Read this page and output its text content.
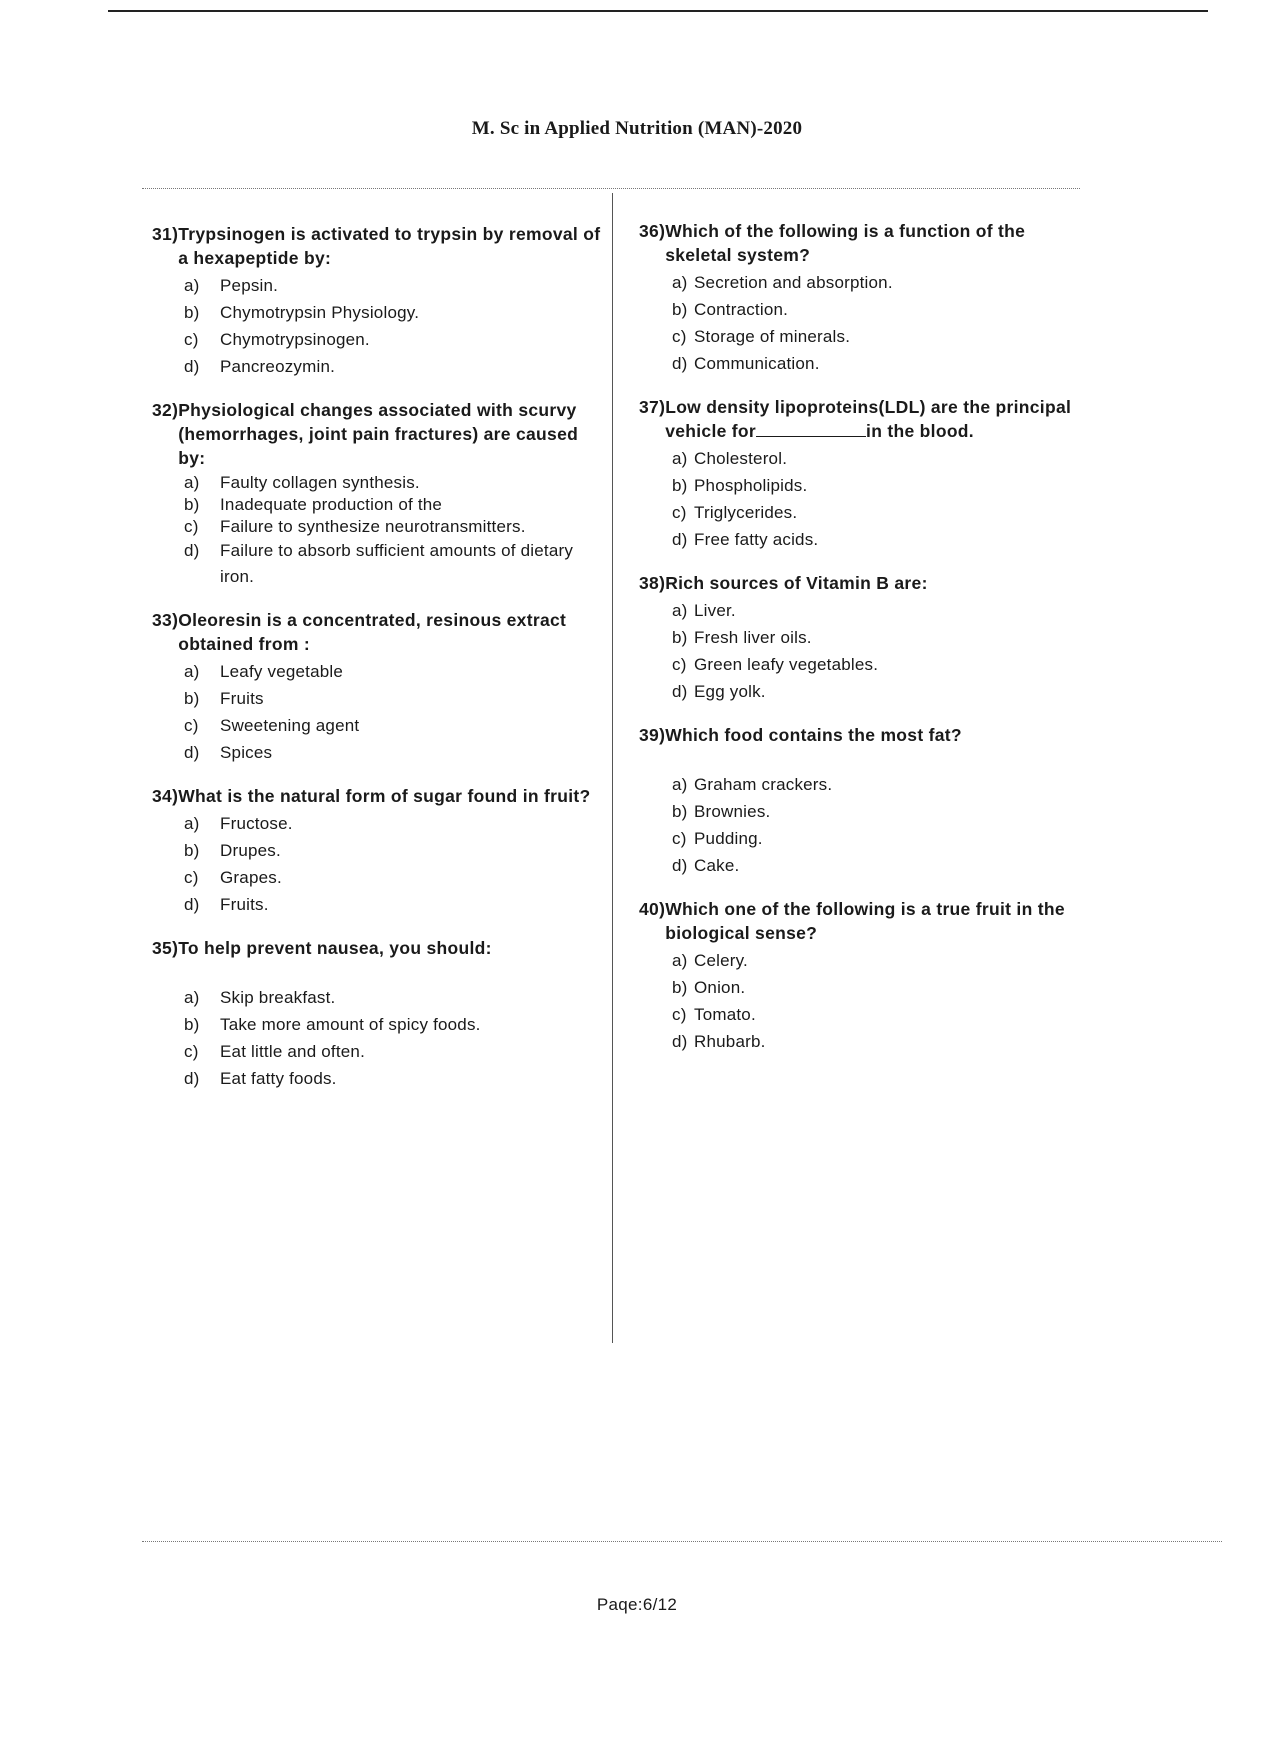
M. Sc in Applied Nutrition (MAN)-2020
31) Trypsinogen is activated to trypsin by removal of a hexapeptide by:
a)	Pepsin.
b)	Chymotrypsin Physiology.
c)	Chymotrypsinogen.
d)	Pancreozymin.
32) Physiological changes associated with scurvy (hemorrhages, joint pain fractures) are caused by:
a)	Faulty collagen synthesis.
b)	Inadequate production of the
c)	Failure to synthesize neurotransmitters.
d)	Failure to absorb sufficient amounts of dietary iron.
33) Oleoresin is a concentrated, resinous extract obtained from :
a)	Leafy vegetable
b)	Fruits
c)	Sweetening agent
d)	Spices
34) What is the natural form of sugar found in fruit?
a)	Fructose.
b)	Drupes.
c)	Grapes.
d)	Fruits.
35) To help prevent nausea, you should:
a)	Skip breakfast.
b)	Take more amount of spicy foods.
c)	Eat little and often.
d)	Eat fatty foods.
36) Which of the following is a function of the skeletal system?
a) Secretion and absorption.
b) Contraction.
c) Storage of minerals.
d) Communication.
37) Low density lipoproteins(LDL) are the principal vehicle for	in the blood.
a) Cholesterol.
b) Phospholipids.
c) Triglycerides.
d) Free fatty acids.
38) Rich sources of Vitamin B are:
a) Liver.
b) Fresh liver oils.
c) Green leafy vegetables.
d) Egg yolk.
39) Which food contains the most fat?
a) Graham crackers.
b) Brownies.
c) Pudding.
d) Cake.
40) Which one of the following is a true fruit in the biological sense?
a) Celery.
b) Onion.
c) Tomato.
d) Rhubarb.
Paqe:6/12
